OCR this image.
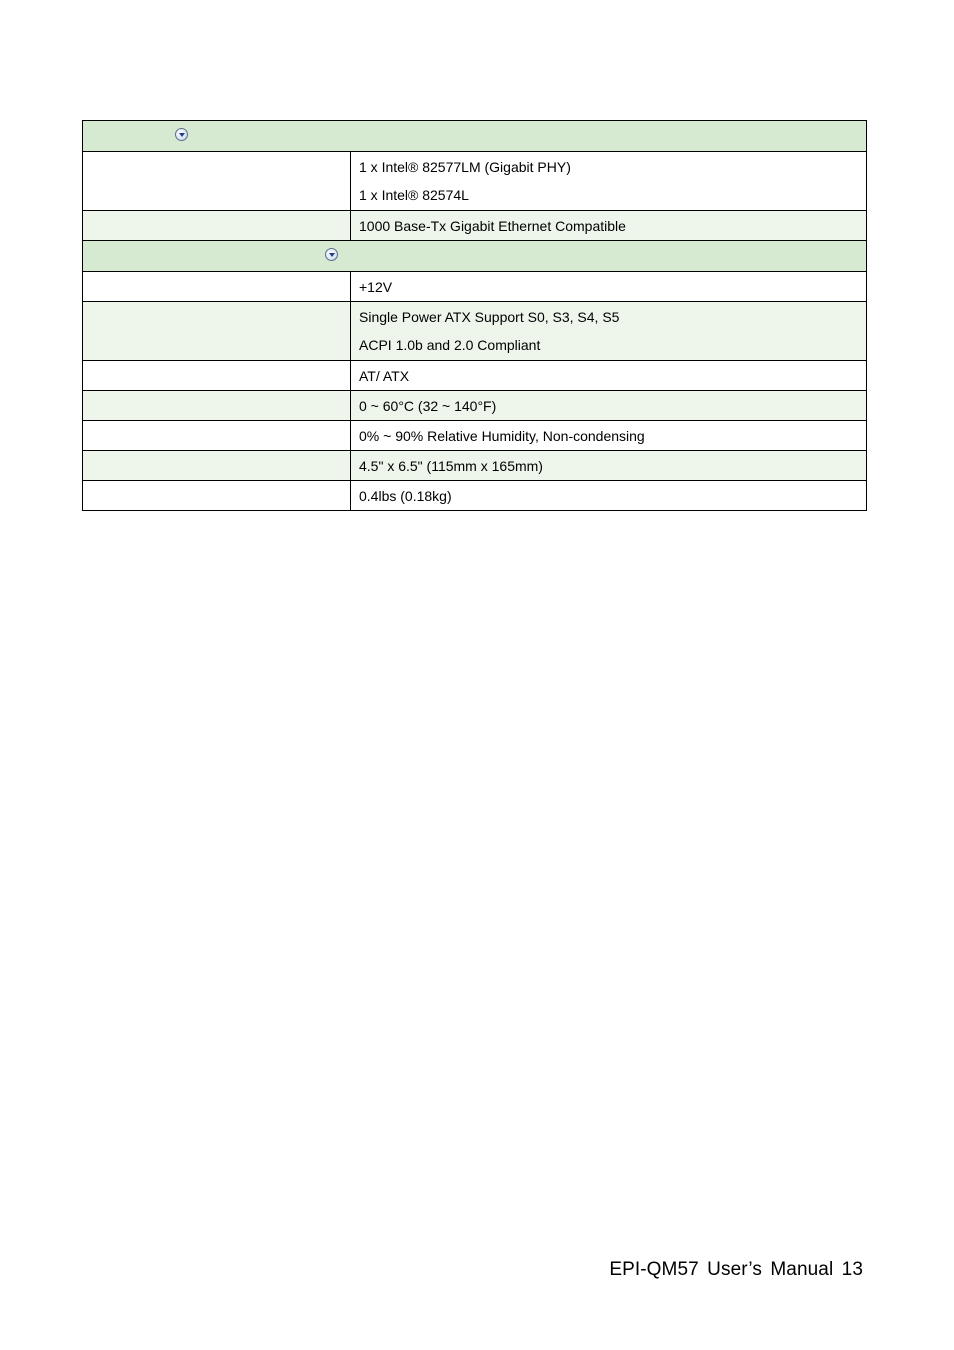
	1 x Intel® 82577LM (Gigabit PHY)
1 x Intel® 82574L

	1000 Base-Tx Gigabit Ethernet Compatible

	+12V

	Single Power ATX Support S0, S3, S4, S5
ACPI 1.0b and 2.0 Compliant

	AT/ ATX

	0 ~ 60°C (32 ~ 140°F)

	0% ~ 90% Relative Humidity, Non-condensing

	4.5" x 6.5" (115mm x 165mm)

	0.4lbs (0.18kg)
EPI-QM57 User’s Manual 13
